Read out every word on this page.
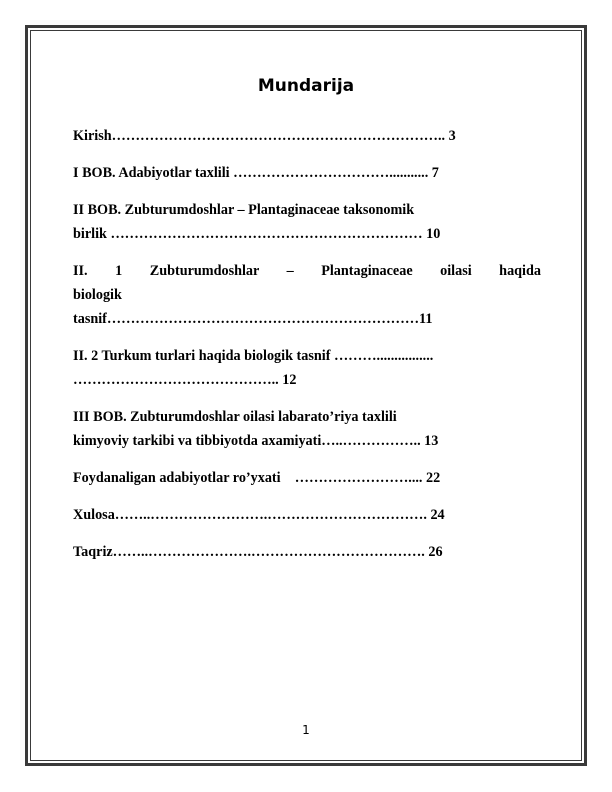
Mundarija
Kirish…………………………………………………………….. 3
I BOB. Adabiyotlar taxlili ……………………………........... 7
II BOB. Zubturumdoshlar – Plantaginaceae taksonomik
birlik ………………………………………………………… 10
II. 1 Zubturumdoshlar – Plantaginaceae oilasi haqida
biologik
tasnif…………………………………………………………11
II. 2 Turkum turlari haqida biologik tasnif ………................
…………………………………….. 12
III BOB. Zubturumdoshlar oilasi labarato’riya taxlili
kimyoviy tarkibi va tibbiyotda axamiyati…..…………….. 13
Foydanaligan adabiyotlar ro’yxati    …………………….... 22
Xulosa……..…………………….……………………………. 24
Taqriz……..………………….………………………………. 26
1
